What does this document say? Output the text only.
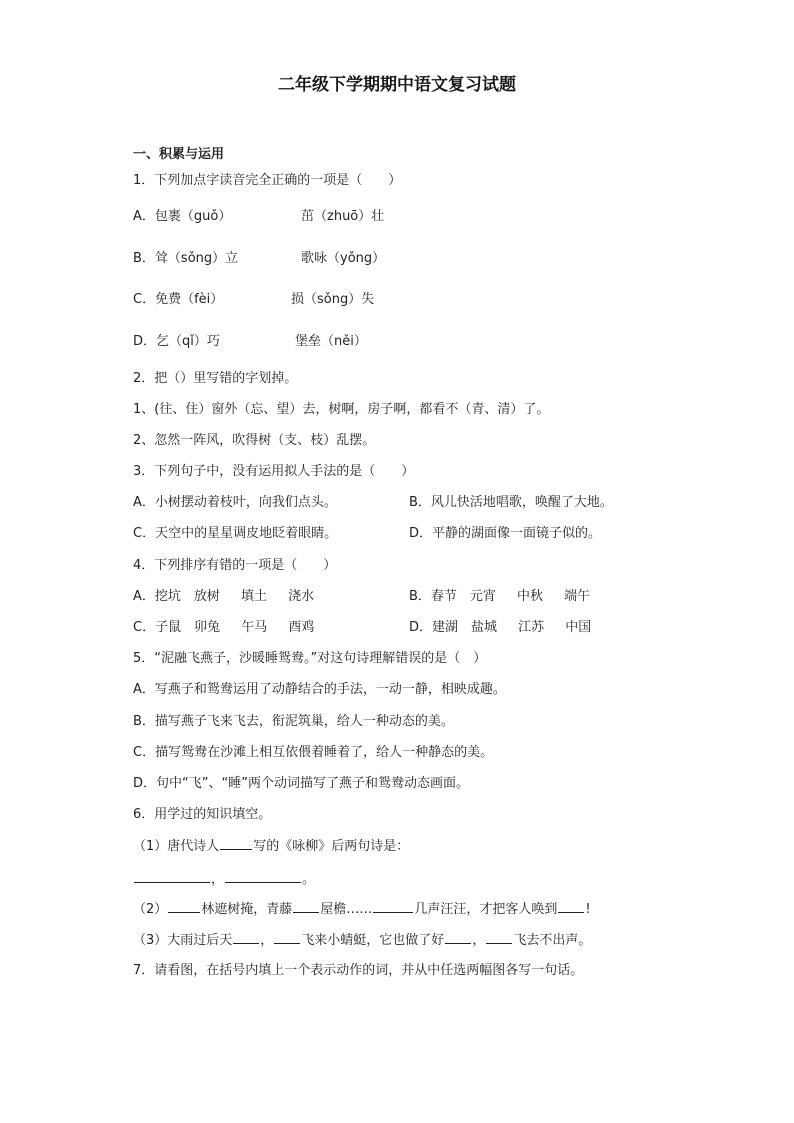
二年级下学期期中语文复习试题
一、积累与运用
1．下列加点字读音完全正确的一项是（　　）
A．包裹（guǒ）	茁（zhuō）壮
B．耸（sǒng）立	歌咏（yǒng）
C．免费（fèi）	损（sǒng）失
D．乞（qǐ）巧	堡垒（něi）
2．把（）里写错的字划掉。
1、(往、住）窗外（忘、望）去，树啊，房子啊，都看不（青、清）了。
2、忽然一阵风，吹得树（支、枝）乱摆。
3．下列句子中，没有运用拟人手法的是（　　）
A．小树摆动着枝叶，向我们点头。	B．风儿快活地唱歌，唤醒了大地。
C．天空中的星星调皮地眨着眼睛。	D．平静的湖面像一面镜子似的。
4．下列排序有错的一项是（　　）
A．挖坑　放树　 填土　 浇水	B．春节　元宵　 中秋　 端午
C．子鼠　卯兔　 午马　 酉鸡	D．建湖　盐城　 江苏　 中国
5．“泥融飞燕子，沙暖睡鸳鸯。”对这句诗理解错误的是（　）
A．写燕子和鸳鸯运用了动静结合的手法，一动一静，相映成趣。
B．描写燕子飞来飞去，衔泥筑巢，给人一种动态的美。
C．描写鸳鸯在沙滩上相互依偎着睡着了，给人一种静态的美。
D．句中“飞”、“睡”两个动词描写了燕子和鸳鸯动态画面。
6．用学过的知识填空。
（1）唐代诗人	写的《咏柳》后两句诗是：
，	。
（2）	林遮树掩，青藤 屋檐……	几声汪汪，才把客人唤到 !
（3）大雨过后天 ， 飞来小蜻蜓，它也做了好 ， 飞去不出声。
7．请看图，在括号内填上一个表示动作的词，并从中任选两幅图各写一句话。
